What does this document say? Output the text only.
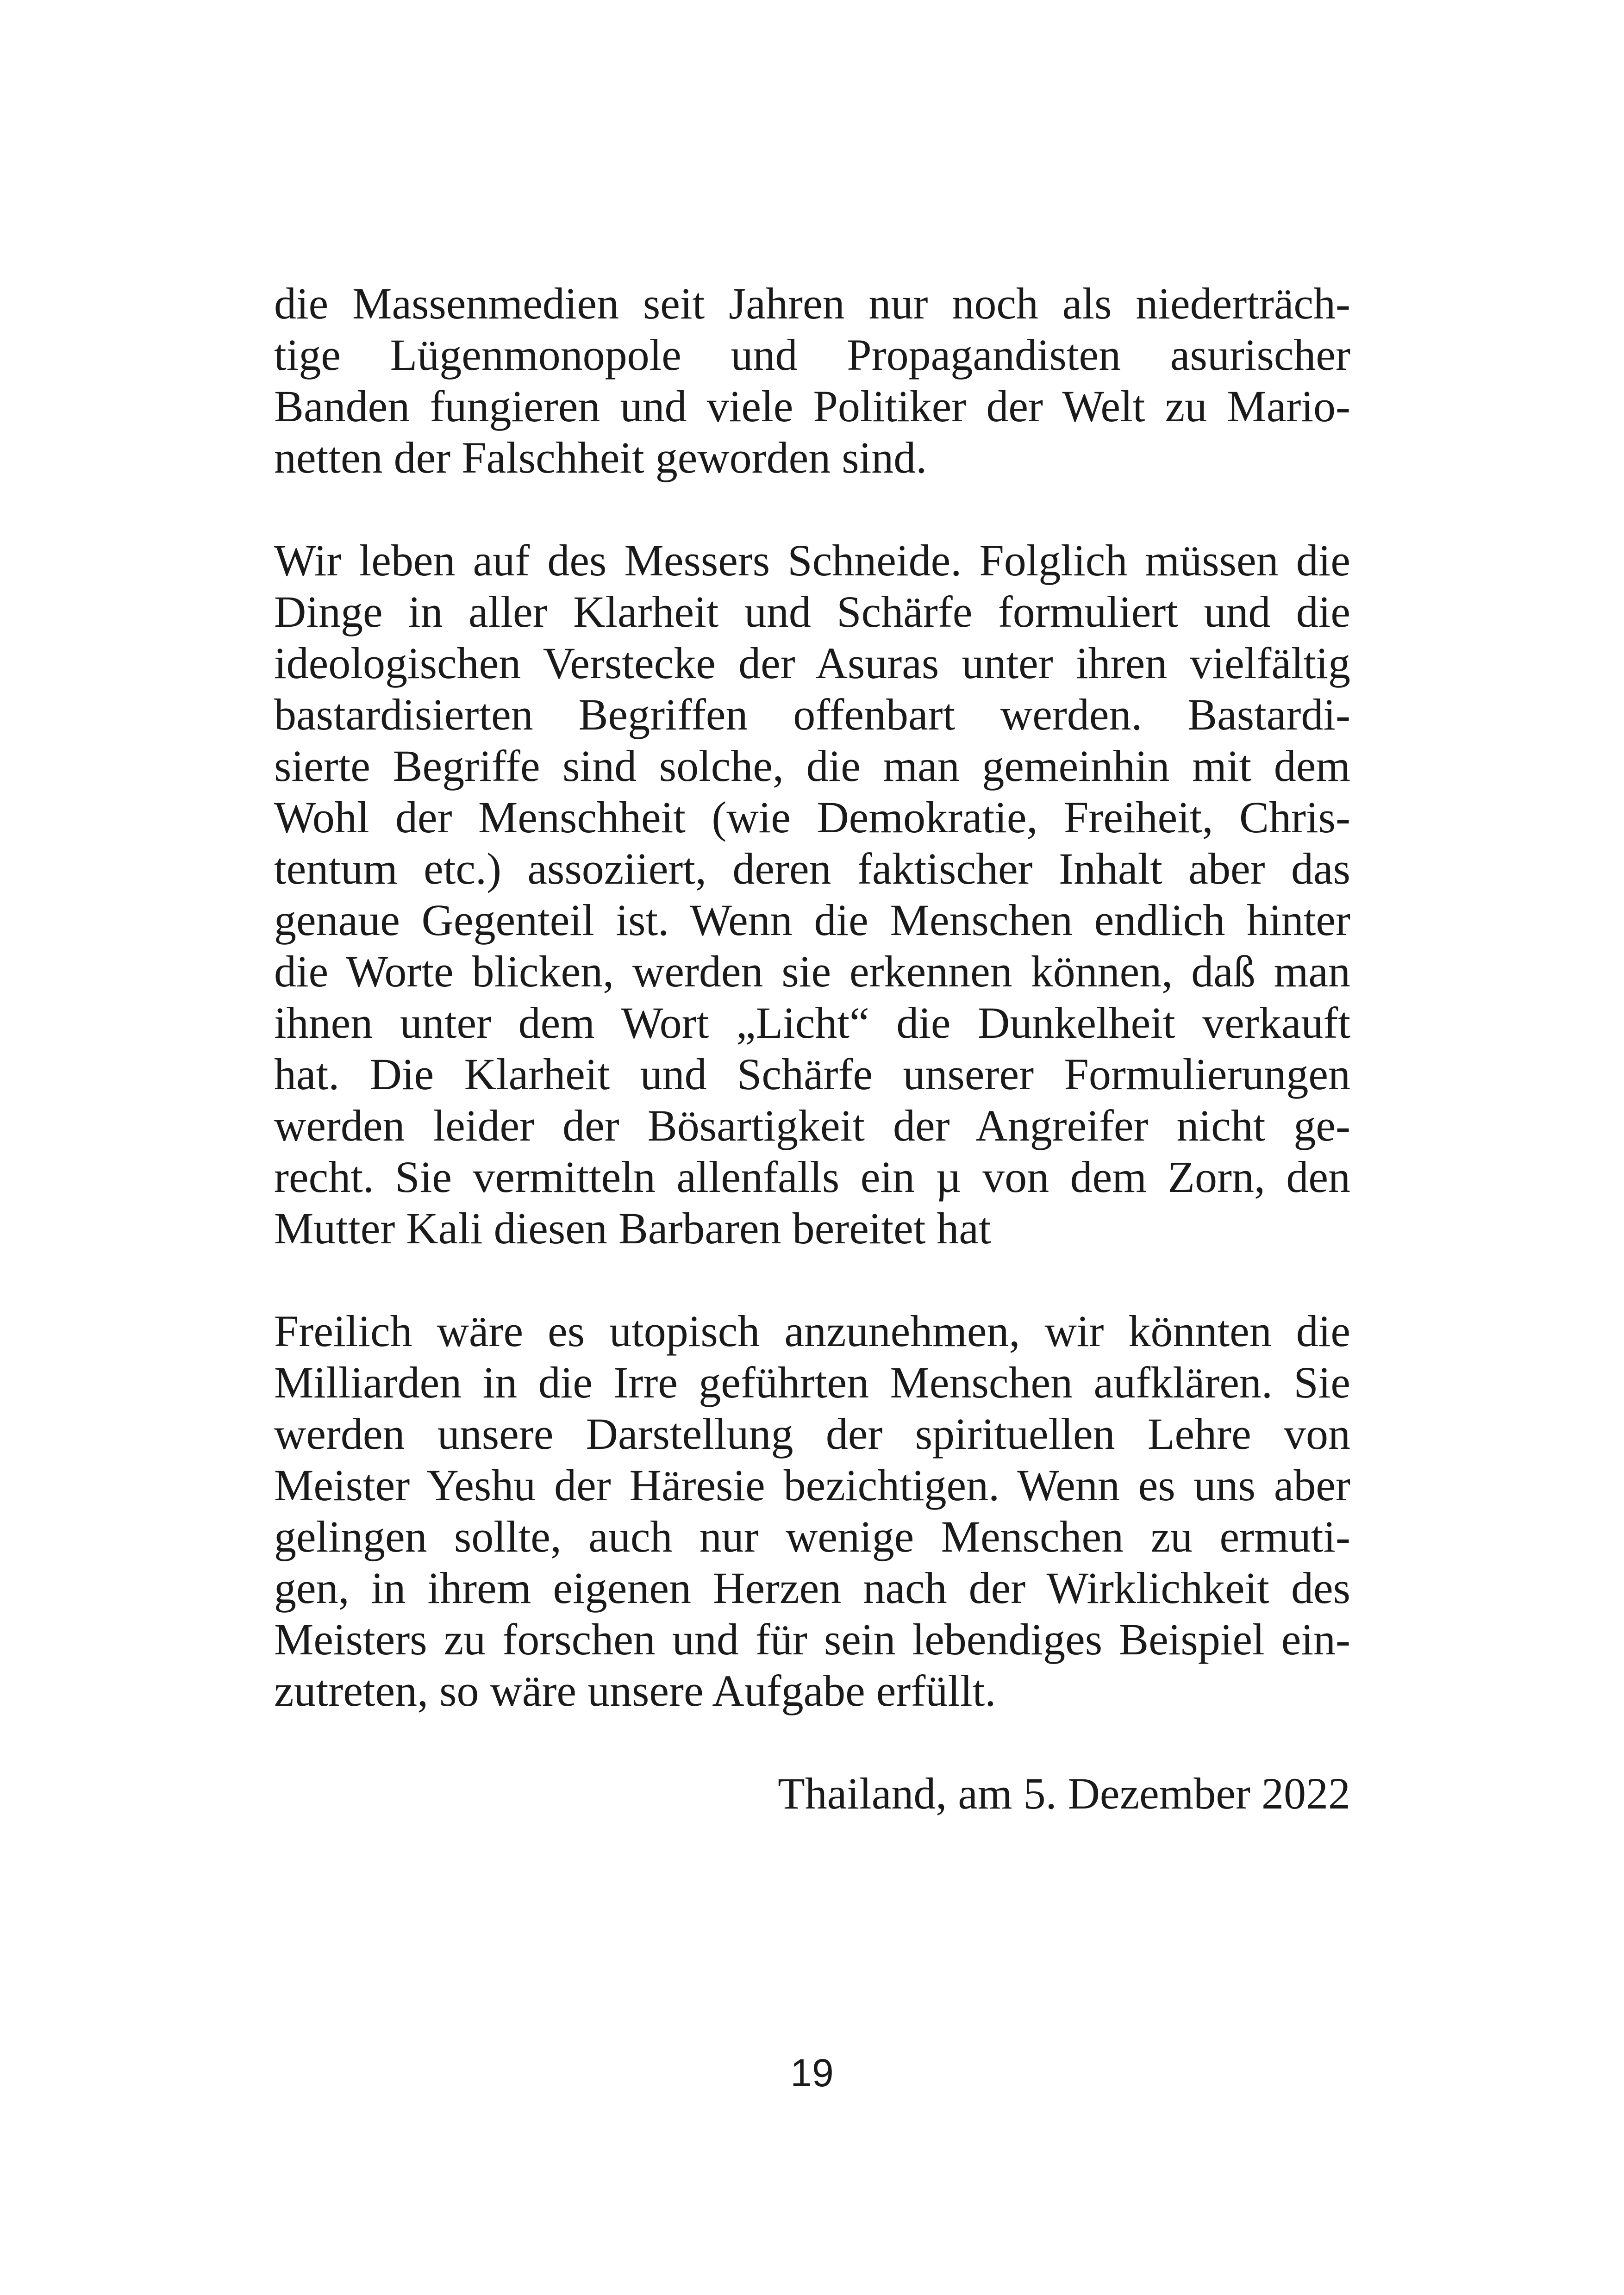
die Massenmedien seit Jahren nur noch als niederträch-
tige Lügenmonopole und Propagandisten asurischer
Banden fungieren und viele Politiker der Welt zu Mario-
netten der Falschheit geworden sind.
Wir leben auf des Messers Schneide. Folglich müssen die
Dinge in aller Klarheit und Schärfe formuliert und die
ideologischen Verstecke der Asuras unter ihren vielfältig
bastardisierten Begriffen offenbart werden. Bastardi-
sierte Begriffe sind solche, die man gemeinhin mit dem
Wohl der Menschheit (wie Demokratie, Freiheit, Chris-
tentum etc.) assoziiert, deren faktischer Inhalt aber das
genaue Gegenteil ist. Wenn die Menschen endlich hinter
die Worte blicken, werden sie erkennen können, daß man
ihnen unter dem Wort „Licht“ die Dunkelheit verkauft
hat. Die Klarheit und Schärfe unserer Formulierungen
werden leider der Bösartigkeit der Angreifer nicht ge-
recht. Sie vermitteln allenfalls ein µ von dem Zorn, den
Mutter Kali diesen Barbaren bereitet hat
Freilich wäre es utopisch anzunehmen, wir könnten die
Milliarden in die Irre geführten Menschen aufklären. Sie
werden unsere Darstellung der spirituellen Lehre von
Meister Yeshu der Häresie bezichtigen. Wenn es uns aber
gelingen sollte, auch nur wenige Menschen zu ermuti-
gen, in ihrem eigenen Herzen nach der Wirklichkeit des
Meisters zu forschen und für sein lebendiges Beispiel ein-
zutreten, so wäre unsere Aufgabe erfüllt.
Thailand, am 5. Dezember 2022
19
